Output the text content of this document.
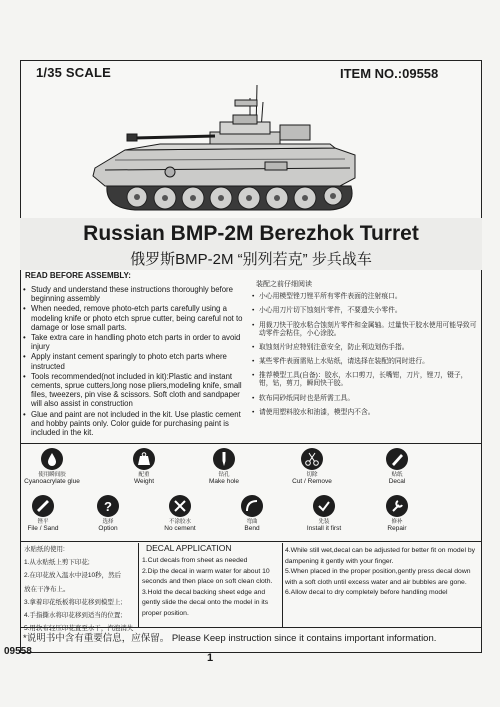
1/35 SCALE	ITEM NO.:09558
Russian BMP-2M Berezhok Turret
俄罗斯BMP-2M “别列若克” 步兵战车
READ BEFORE ASSEMBLY:
• Study and understand these instructions thoroughly before beginning assembly
• When needed, remove photo-etch parts carefully using a modeling knife or photo etch sprue cutter, being careful not to damage or lose small parts.
• Take extra care in handling photo etch parts in order to avoid injury
• Apply instant cement sparingly to photo etch parts where instructed
• Tools recommended(not included in kit):Plastic and instant cements, sprue cutters,long nose pliers,modeling knife, small files, tweezers, pin vise & scissors. Soft cloth and sandpaper will also assist in construction
• Glue and paint are not included in the kit. Use plastic cement and hobby paints only. Color guide for purchasing paint is included in the kit.
装配之前仔细阅读
• 小心用模型锉刀锉平所有零件表面的注射痕口。
• 小心用刀片切下蚀刻片零件，不要遗失小零件。
• 用裁刀快干胶水粘合蚀刻片零件和金属轴。过量快干胶水使用可能导致可动零件会粘住，小心涂胶。
• 取蚀刻片时应特别注意安全，防止利边划伤手指。
• 某些零件表面需贴上水贴纸，请选择在装配的同时进行。
• 推荐模型工具(自备)：胶水，水口剪刀，长嘴钳，刀片，锉刀，镊子，钳，钻，剪刀，瞬间快干胶。
• 软布同砂纸同时也是所需工具。
• 请使用塑料胶水和油漆，模型内不含。
使用瞬间胶
Cyanoacrylate glue
配重
Weight
钻孔
Make hole
切除
Cut / Remove
贴纸
Decal
锉平
File / Sand
?
选择
Option
不涂胶水
No cement
弯曲
Bend
先装
Install it first
修补
Repair
水贴纸的使用:
1.从水贴纸上剪下印花;
2.在印花放入温水中浸10秒，然后
放在干净布上。
3.拿着印花纸板将印花移到模型上;
4.手指撕水将印花移到适当的位置;
5.用软布轻压印花直至水干，汽泡消失
DECAL APPLICATION
1.Cut decals from sheet as needed
2.Dip the decal in warm water for about 10 seconds and then place on soft clean cloth.
3.Hold the decal backing sheet edge and gently slide the decal onto the model in its proper position.
4.While still wet,decal can be adjusted for better fit on model by dampening it gently with your finger.
5.When placed in the proper position,gently press decal down with a soft cloth until excess water and air bubbles are gone.
6.Allow decal to dry completely before handling model
*说明书中含有重要信息，应保留。 Please Keep instruction since it contains important information.
09558
1
